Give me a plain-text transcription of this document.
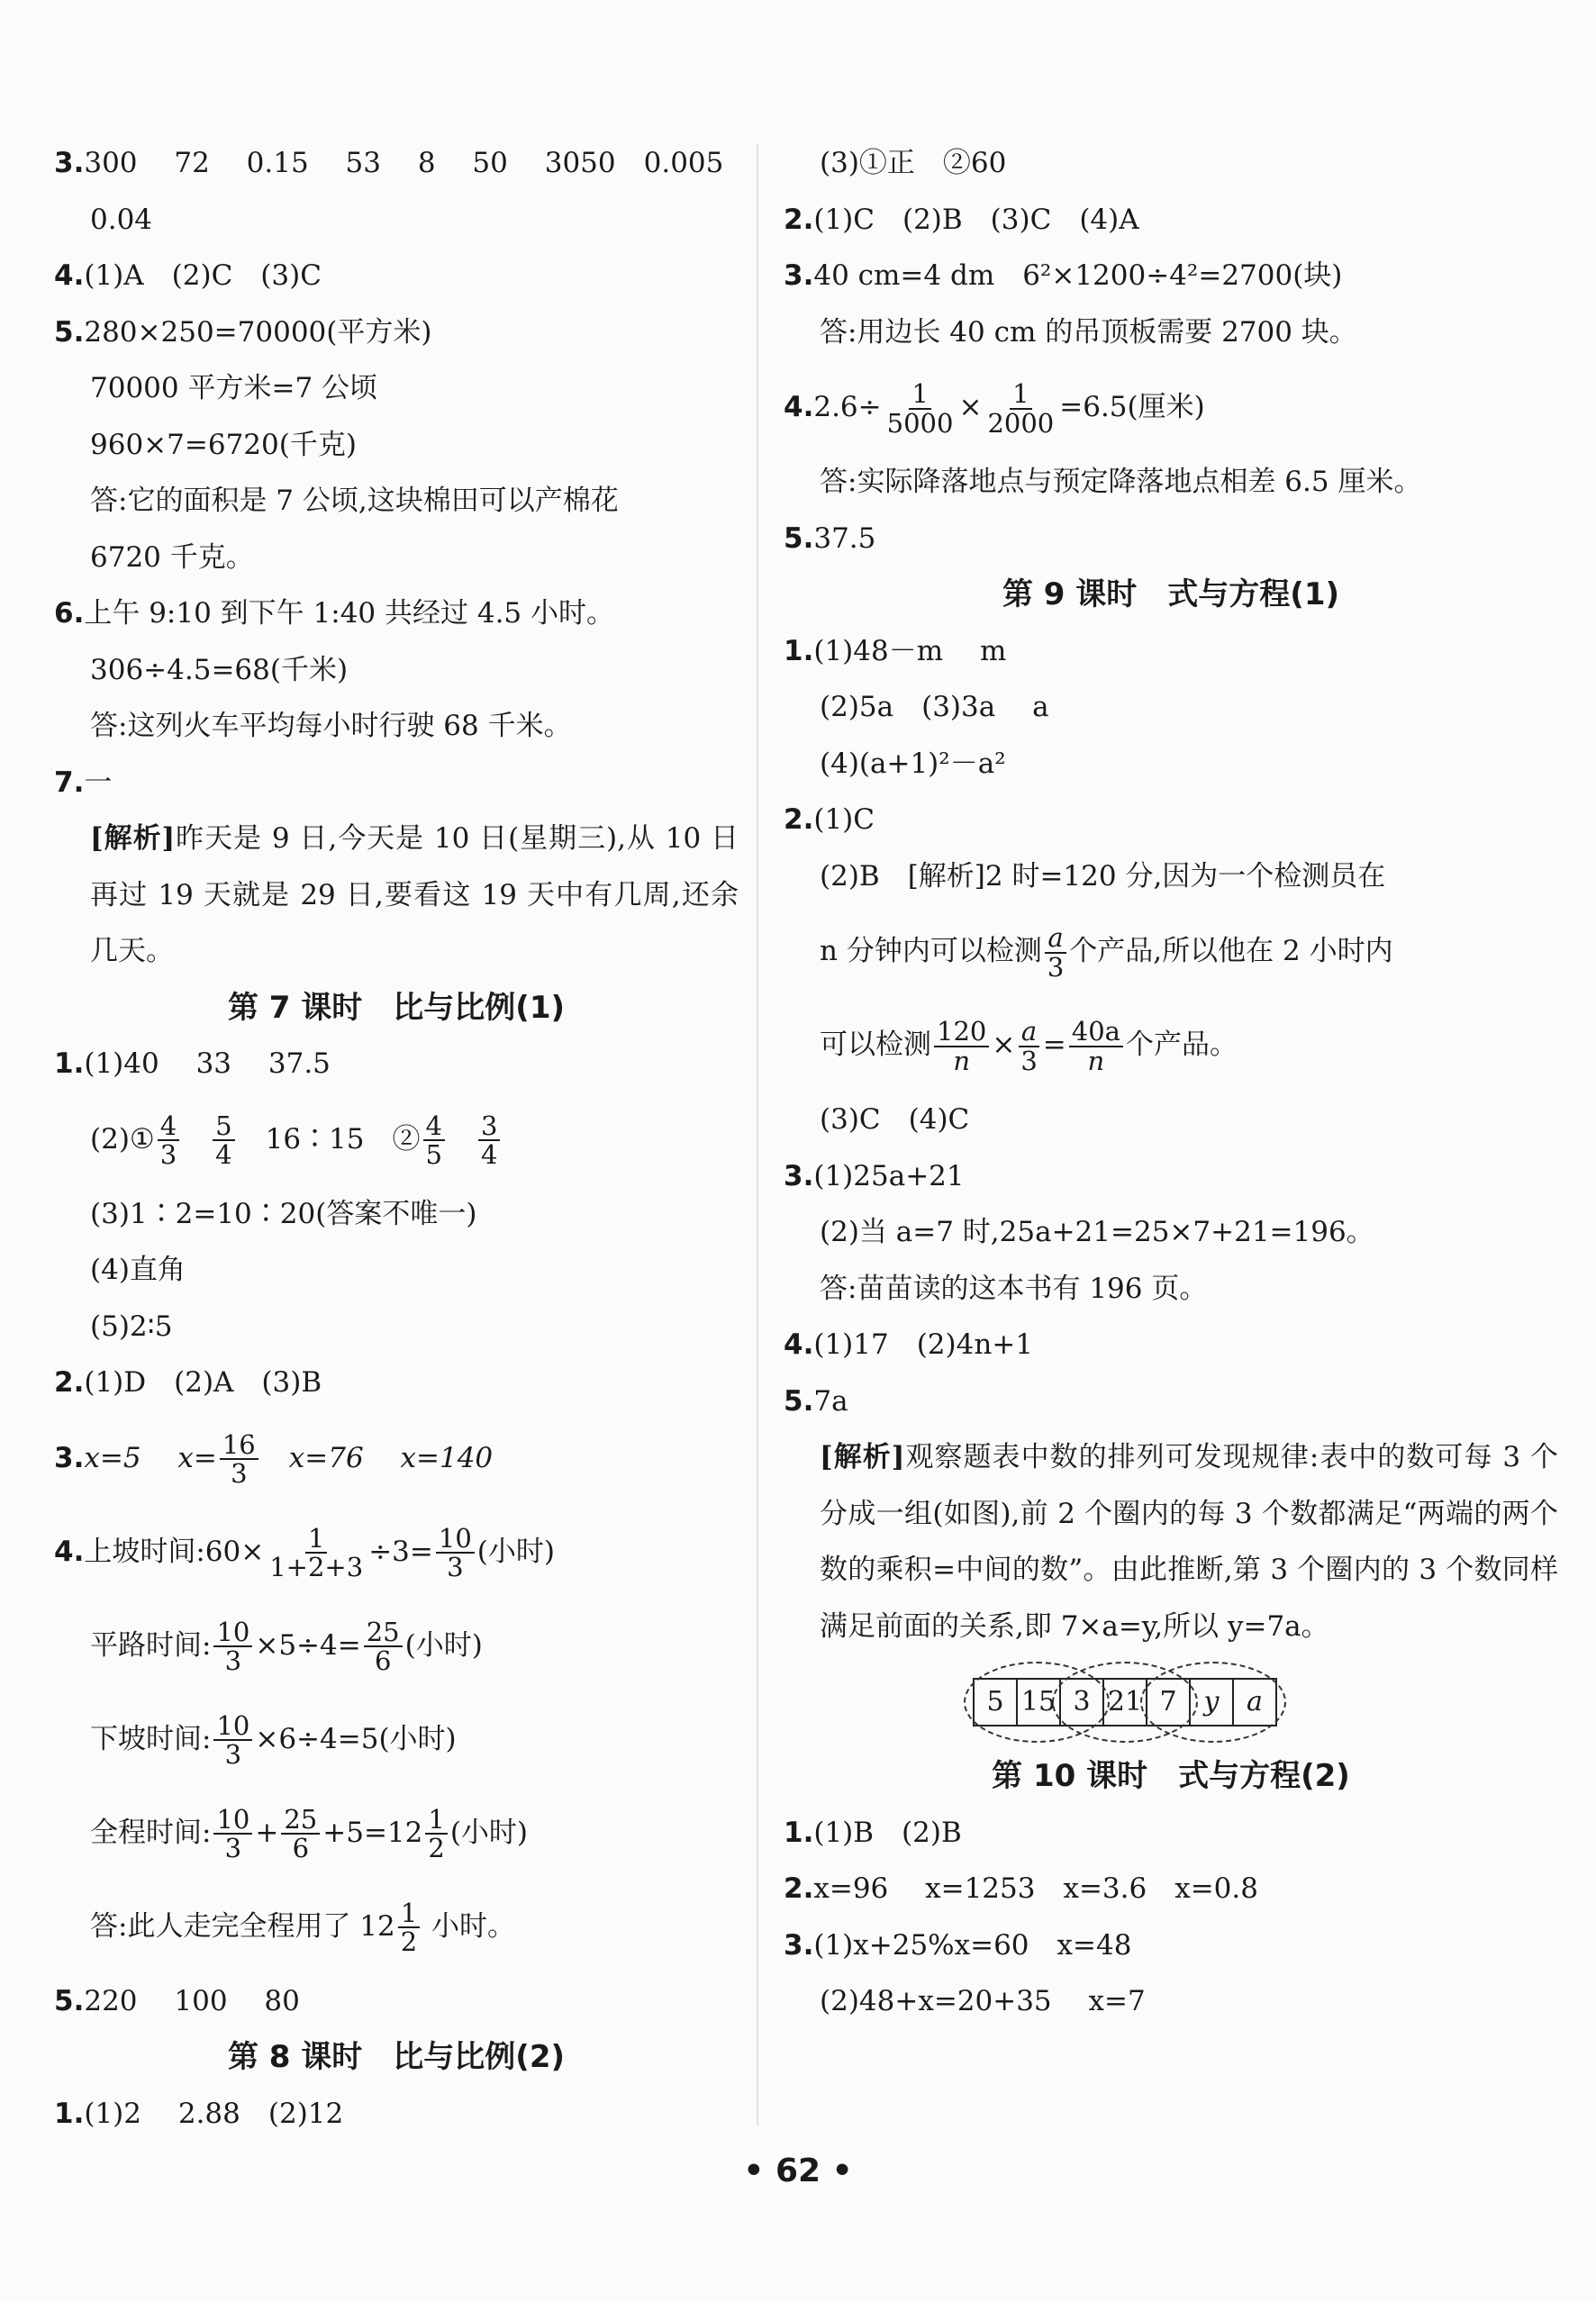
3.300　 72　 0.15　 53　 8　 50　 3050　0.005
0.04
4.(1)A　(2)C　(3)C
5.280×250=70000(平方米)
70000 平方米=7 公顷
960×7=6720(千克)
答:它的面积是 7 公顷,这块棉田可以产棉花
6720 千克。
6.上午 9:10 到下午 1:40 共经过 4.5 小时。
306÷4.5=68(千米)
答:这列火车平均每小时行驶 68 千米。
7.一
[解析]昨天是 9 日,今天是 10 日(星期三),从 10 日再过 19 天就是 29 日,要看这 19 天中有几周,还余几天。
第 7 课时　比与比例(1)
1.(1)40　 33　 37.5
(2)① $\frac{4}{3}$
　 $\frac{5}{4}$
　 16∶15　② $\frac{4}{5}$
　 $\frac{3}{4}$
(3)1∶2=10∶20(答案不唯一)
(4)直角
(5)2∶5
2.(1)D　(2)A　(3)B
3.x=5　 $x= \frac{16}{3}$ 　x=76　 x=140
4.上坡时间:60× $\frac{1}{1+2+3} \div 3= \frac{10}{3}$ (小时)
平路时间: $\frac{10}{3} \times 5\div 4= \frac{25}{6}$ (小时)
下坡时间: $\frac{10}{3} \times 6\div 4=5$(小时)
全程时间: $\frac{10}{3} + \frac{25}{6} +5=12 \frac{1}{2}$ (小时)
答:此人走完全程用了 $12 \frac{1}{2}$ 小时。
5.220　 100　 80
第 8 课时　比与比例(2)
1.(1)2　 2.88　(2)12
(3)①正　②60
2.(1)C　(2)B　(3)C　(4)A
3.40 cm=4 dm　6²×1200÷4²=2700(块)
答:用边长 40 cm 的吊顶板需要 2700 块。
$4.2.6\div \frac{1}{5000} \times \frac{1}{2000} =6.5$(厘米)
答:实际降落地点与预定降落地点相差 6.5 厘米。
5.37.5
第 9 课时　式与方程(1)
1.(1)48－m　 m
(2)5a　(3)3a　 a
(4)(a+1)²－a²
2.(1)C
(2)B　[解析]2 时=120 分,因为一个检测员在
n 分钟内可以检测 $\frac{a}{3}$ 个产品,所以他在 2 小时内
可以检测 $\frac{120}{n} \times \frac{a}{3} = \frac{40a}{n}$ 个产品。
(3)C　(4)C
3.(1)25a+21
(2)当 a=7 时,25a+21=25×7+21=196。
答:苗苗读的这本书有 196 页。
4.(1)17　(2)4n+1
5.7a
[解析]观察题表中数的排列可发现规律:表中的数可每 3 个分成一组(如图),前 2 个圈内的每 3 个数都满足“两端的两个数的乘积=中间的数”。由此推断,第 3 个圈内的 3 个数同样满足前面的关系,即 7×a=y,所以 y=7a。
5 15 3 21 7 y	a
第 10 课时　式与方程(2)
1.(1)B　(2)B
2.x=96　 x=1253　x=3.6　x=0.8
3.(1)x+25%x=60　x=48
(2)48+x=20+35　 x=7
• 62 •
